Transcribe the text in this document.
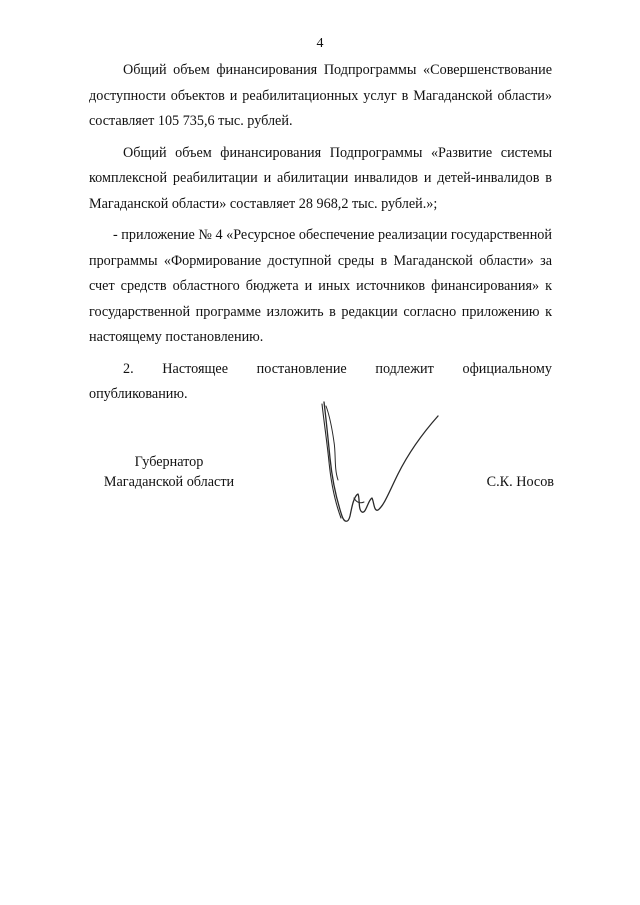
4

Общий объем финансирования Подпрограммы «Совершенствование доступности объектов и реабилитационных услуг в Магаданской области» составляет 105 735,6 тыс. рублей.

Общий объем финансирования Подпрограммы «Развитие системы комплексной реабилитации и абилитации инвалидов и детей-инвалидов в Магаданской области» составляет 28 968,2 тыс. рублей.»;

- приложение № 4 «Ресурсное обеспечение реализации государственной программы «Формирование доступной среды в Магаданской области» за счет средств областного бюджета и иных источников финансирования» к государственной программе изложить в редакции согласно приложению к настоящему постановлению.

2. Настоящее постановление подлежит официальному опубликованию.

Губернатор
Магаданской области	С.К. Носов
